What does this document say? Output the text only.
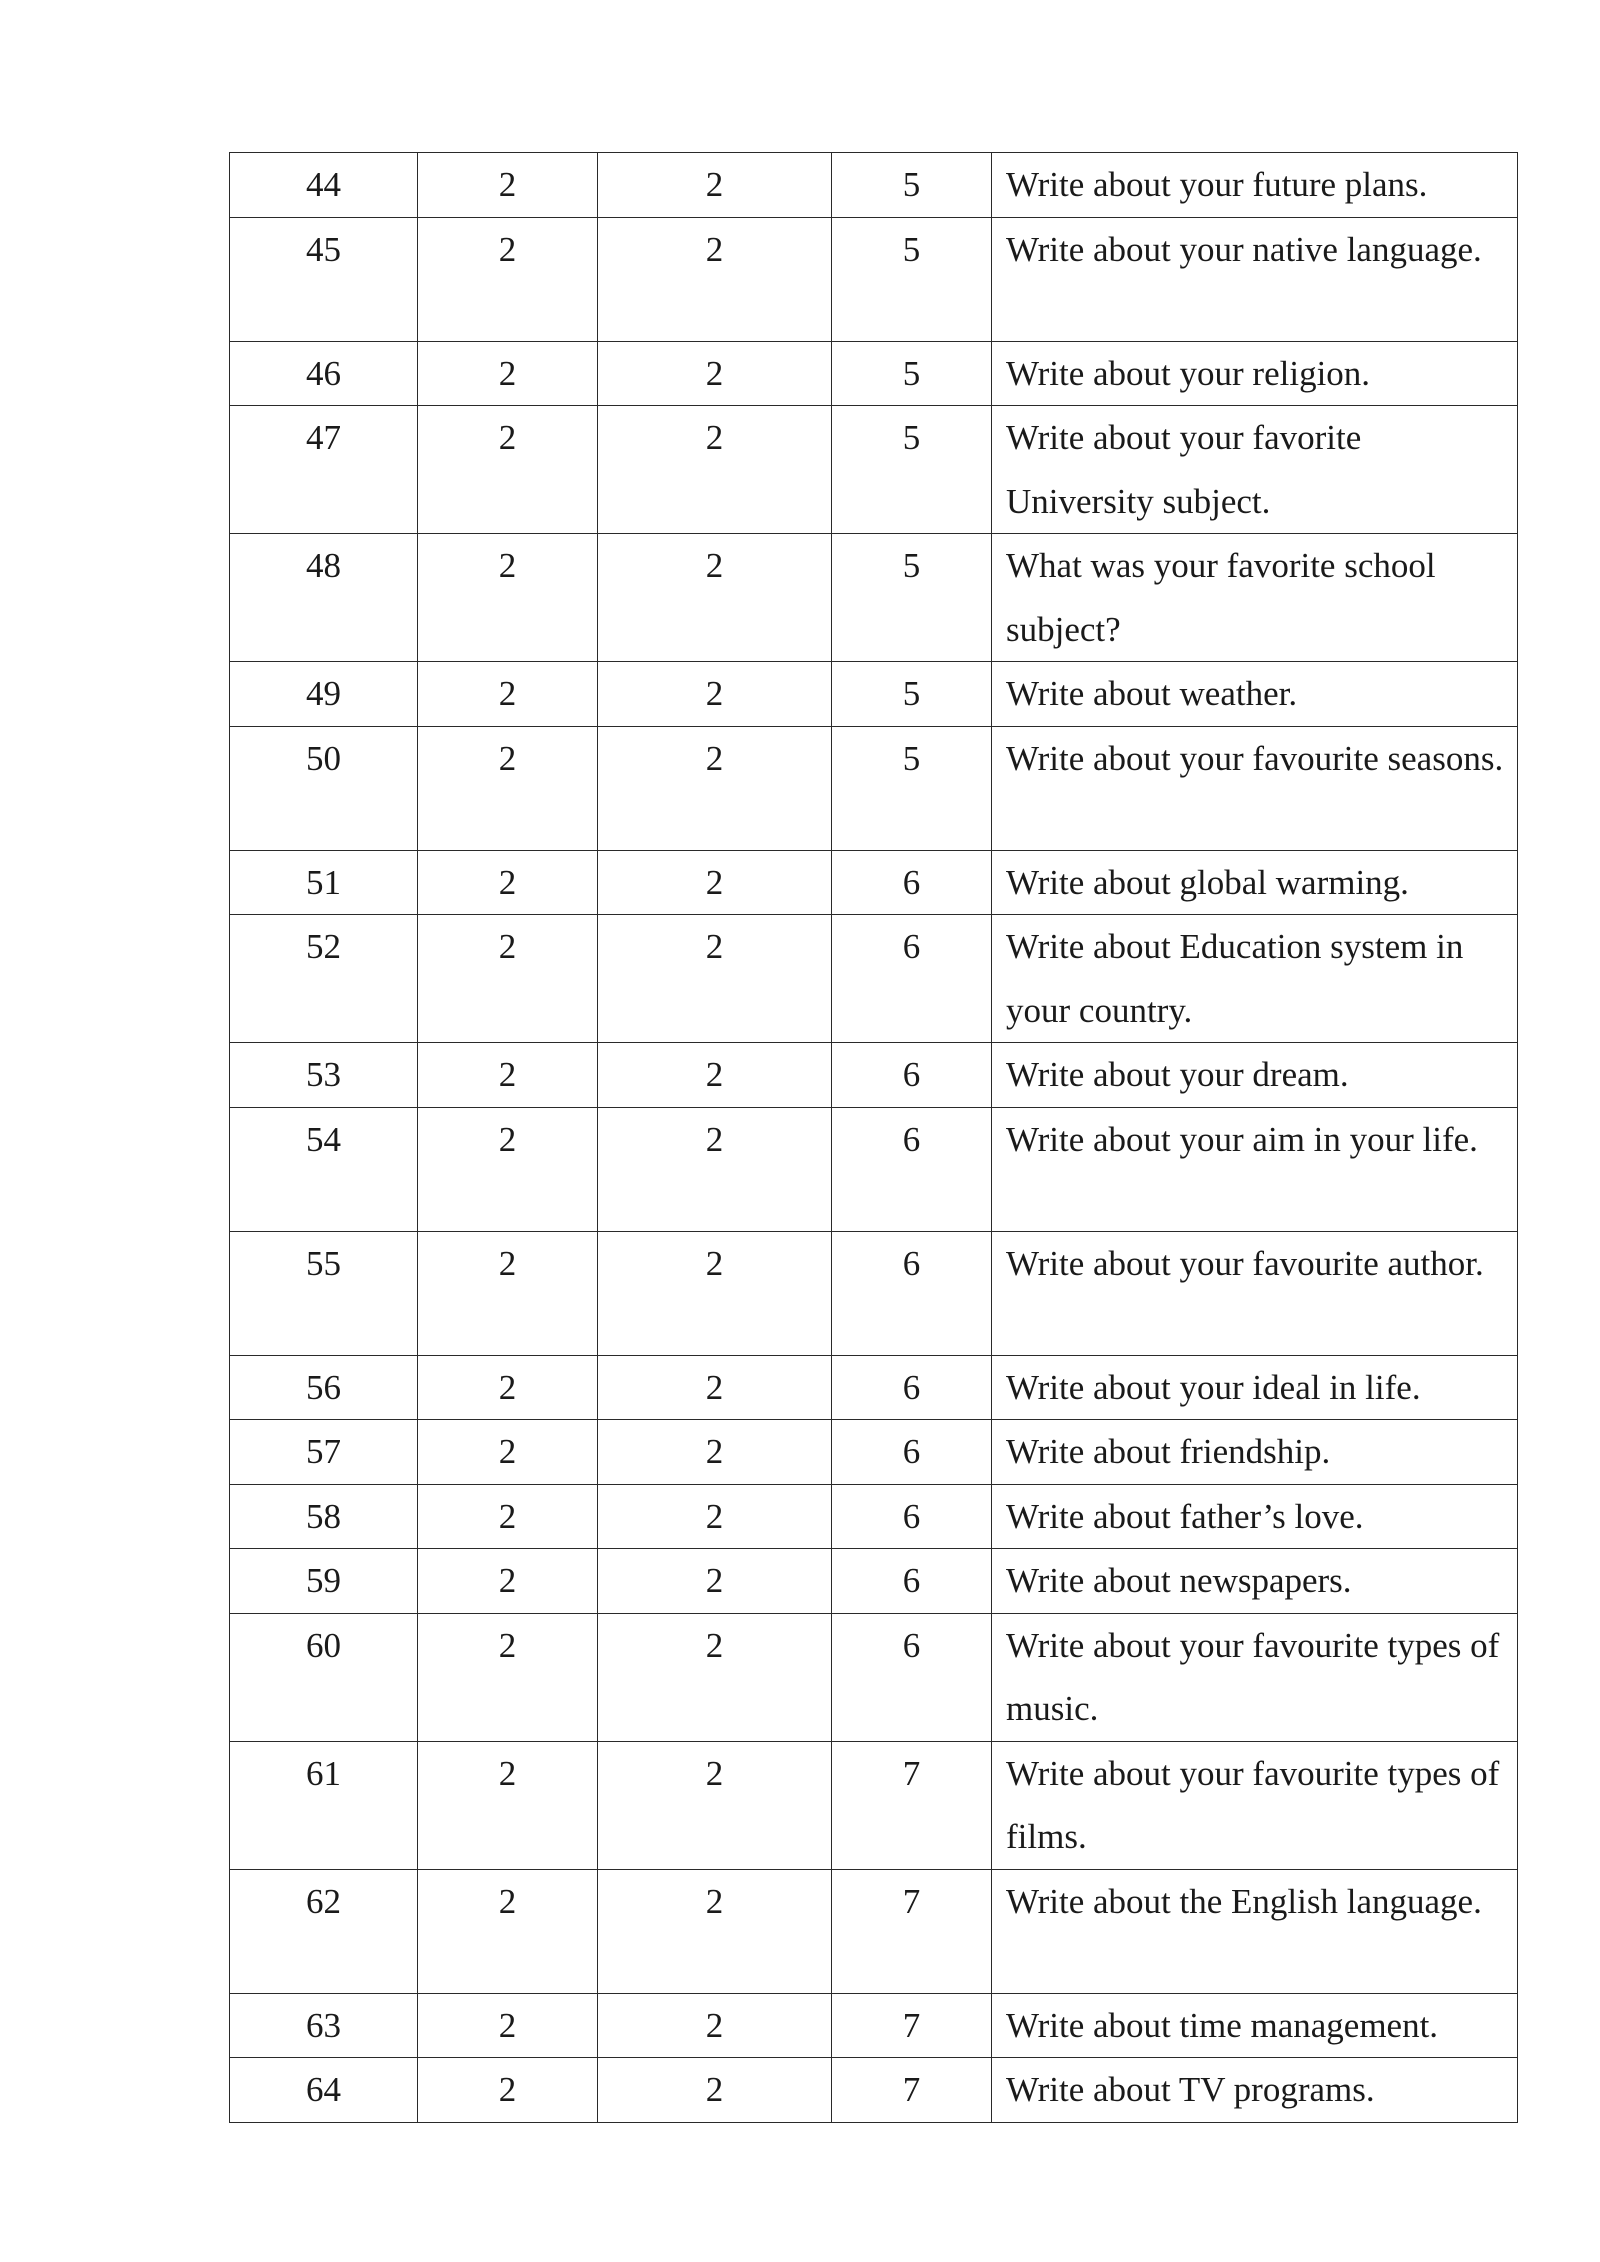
44	2	2	5	Write about your future plans.
45	2	2	5	Write about your native language.
46	2	2	5	Write about your religion.
47	2	2	5	Write about your favorite University subject.
48	2	2	5	What was your favorite school subject?
49	2	2	5	Write about weather.
50	2	2	5	Write about your favourite seasons.
51	2	2	6	Write about global warming.
52	2	2	6	Write about Education system in your country.
53	2	2	6	Write about your dream.
54	2	2	6	Write about your aim in your life.
55	2	2	6	Write about your favourite author.
56	2	2	6	Write about your ideal in life.
57	2	2	6	Write about friendship.
58	2	2	6	Write about father’s love.
59	2	2	6	Write about newspapers.
60	2	2	6	Write about your favourite types of music.
61	2	2	7	Write about your favourite types of films.
62	2	2	7	Write about the English language.
63	2	2	7	Write about time management.
64	2	2	7	Write about TV programs.
